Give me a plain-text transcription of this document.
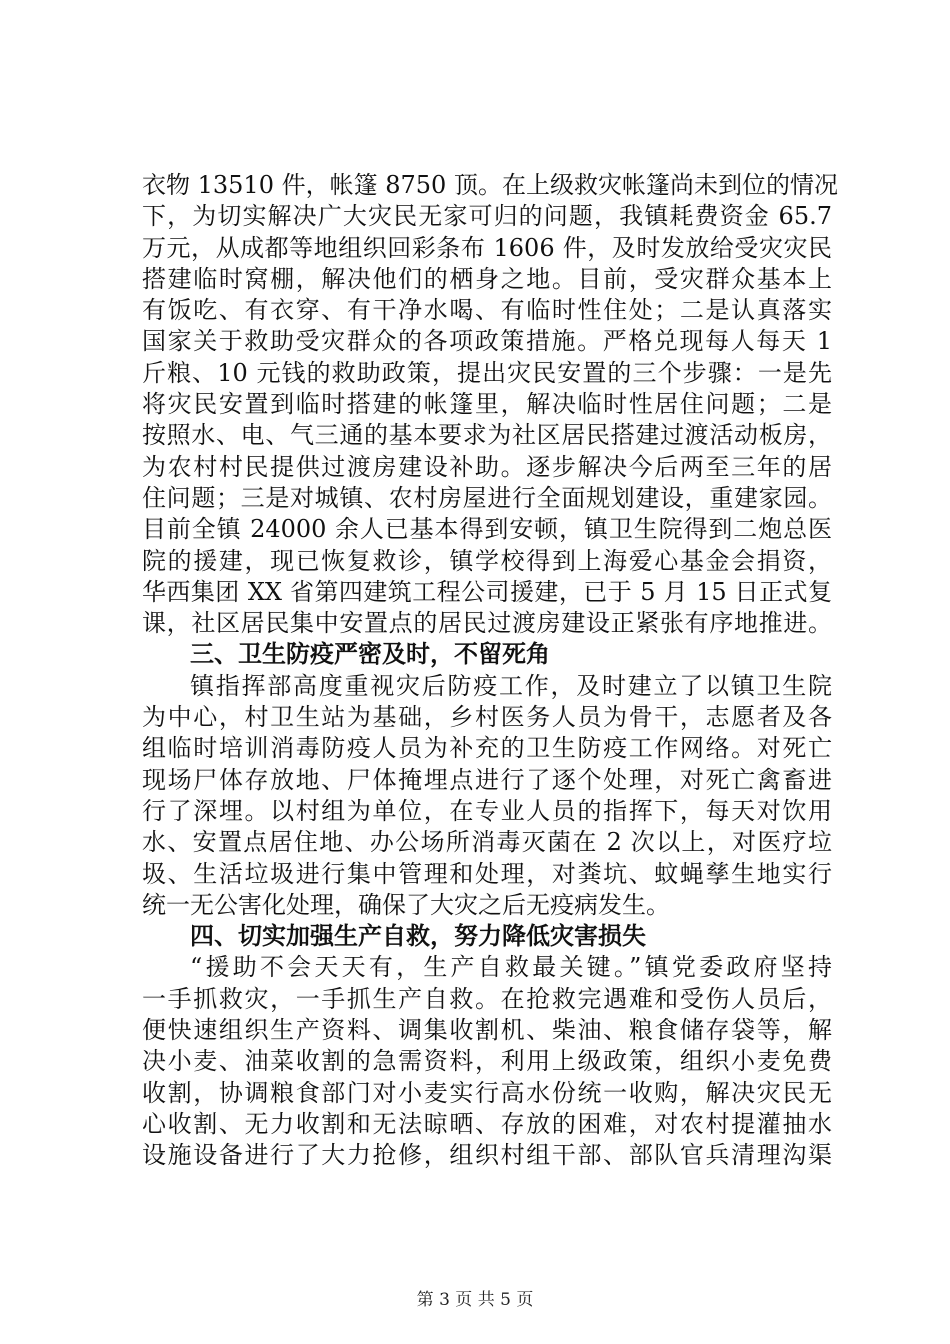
衣物 13510 件，帐篷 8750 顶。在上级救灾帐篷尚未到位的情况
下，为切实解决广大灾民无家可归的问题，我镇耗费资金 65.7
万元，从成都等地组织回彩条布 1606 件，及时发放给受灾灾民
搭建临时窝棚，解决他们的栖身之地。目前，受灾群众基本上
有饭吃、有衣穿、有干净水喝、有临时性住处；二是认真落实
国家关于救助受灾群众的各项政策措施。严格兑现每人每天 1
斤粮、10 元钱的救助政策，提出灾民安置的三个步骤：一是先
将灾民安置到临时搭建的帐篷里，解决临时性居住问题；二是
按照水、电、气三通的基本要求为社区居民搭建过渡活动板房，
为农村村民提供过渡房建设补助。逐步解决今后两至三年的居
住问题；三是对城镇、农村房屋进行全面规划建设，重建家园。
目前全镇 24000 余人已基本得到安顿，镇卫生院得到二炮总医
院的援建，现已恢复救诊，镇学校得到上海爱心基金会捐资，
华西集团 XX 省第四建筑工程公司援建，已于 5 月 15 日正式复
课，社区居民集中安置点的居民过渡房建设正紧张有序地推进。
三、卫生防疫严密及时，不留死角
镇指挥部高度重视灾后防疫工作，及时建立了以镇卫生院
为中心，村卫生站为基础，乡村医务人员为骨干，志愿者及各
组临时培训消毒防疫人员为补充的卫生防疫工作网络。对死亡
现场尸体存放地、尸体掩埋点进行了逐个处理，对死亡禽畜进
行了深埋。以村组为单位，在专业人员的指挥下，每天对饮用
水、安置点居住地、办公场所消毒灭菌在 2 次以上，对医疗垃
圾、生活垃圾进行集中管理和处理，对粪坑、蚊蝇孳生地实行
统一无公害化处理，确保了大灾之后无疫病发生。
四、切实加强生产自救，努力降低灾害损失
“援助不会天天有，生产自救最关键。”镇党委政府坚持
一手抓救灾，一手抓生产自救。在抢救完遇难和受伤人员后，
便快速组织生产资料、调集收割机、柴油、粮食储存袋等，解
决小麦、油菜收割的急需资料，利用上级政策，组织小麦免费
收割，协调粮食部门对小麦实行高水份统一收购，解决灾民无
心收割、无力收割和无法晾晒、存放的困难，对农村提灌抽水
设施设备进行了大力抢修，组织村组干部、部队官兵清理沟渠
第 3 页 共 5 页
